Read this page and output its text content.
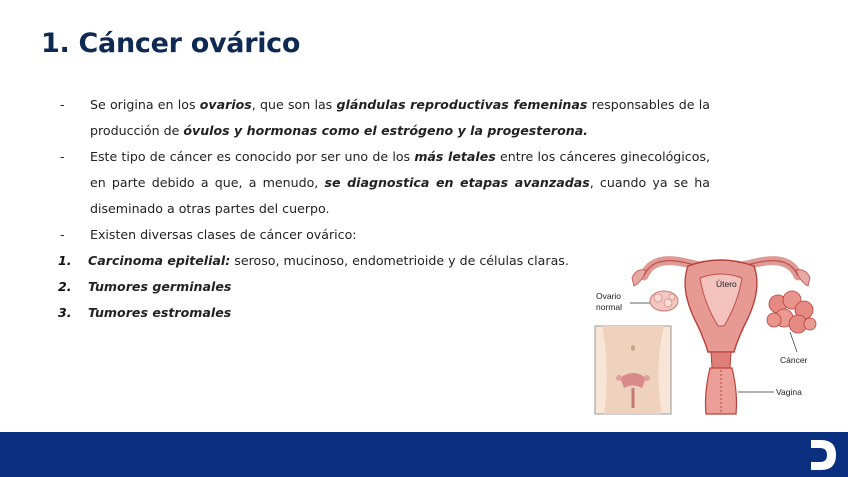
1. Cáncer ovárico
-	Se origina en los ovarios, que son las glándulas reproductivas femeninas responsables de la producción de óvulos y hormonas como el estrógeno y la progesterona.
-	Este tipo de cáncer es conocido por ser uno de los más letales entre los cánceres ginecológicos, en parte debido a que, a menudo, se diagnostica en etapas avanzadas, cuando ya se ha diseminado a otras partes del cuerpo.
-	Existen diversas clases de cáncer ovárico:
1.	Carcinoma epitelial: seroso, mucinoso, endometrioide y de células claras.
2.	Tumores germinales
3.	Tumores estromales
Ovario
normal
Útero
Cáncer
Vagina
